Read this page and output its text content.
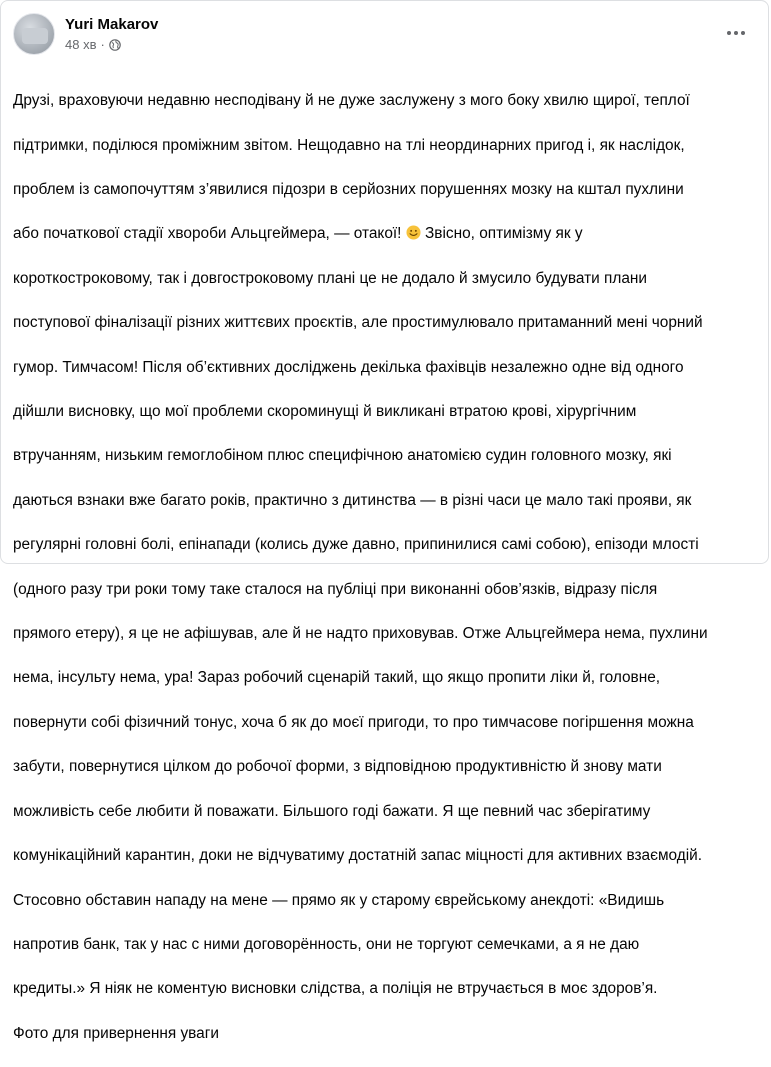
Yuri Makarov
48 хв ·

Друзі, враховуючи недавню несподівану й не дуже заслужену з мого боку хвилю щирої, теплої

підтримки, поділюся проміжним звітом. Нещодавно на тлі неординарних пригод і, як наслідок,

проблем із самопочуттям з’явилися підозри в серйозних порушеннях мозку на кштал пухлини

або початкової стадії хвороби Альцгеймера, — отакої! Звісно, оптимізму як у

короткостроковому, так і довгостроковому плані це не додало й змусило будувати плани

поступової фіналізації різних життєвих проєктів, але простимулювало притаманний мені чорний

гумор. Тимчасом! Після об’єктивних досліджень декілька фахівців незалежно одне від одного

дійшли висновку, що мої проблеми скороминущі й викликані втратою крові, хірургічним

втручанням, низьким гемоглобіном плюс специфічною анатомією судин головного мозку, які

даються взнаки вже багато років, практично з дитинства — в різні часи це мало такі прояви, як

регулярні головні болі, епінапади (колись дуже давно, припинилися самі собою), епізоди млості

(одного разу три роки тому таке сталося на публіці при виконанні обов’язків, відразу після

прямого етеру), я це не афішував, але й не надто приховував. Отже Альцгеймера нема, пухлини

нема, інсульту нема, ура! Зараз робочий сценарій такий, що якщо пропити ліки й, головне,

повернути собі фізичний тонус, хоча б як до моєї пригоди, то про тимчасове погіршення можна

забути, повернутися цілком до робочої форми, з відповідною продуктивністю й знову мати

можливість себе любити й поважати. Більшого годі бажати. Я ще певний час зберігатиму

комунікаційний карантин, доки не відчуватиму достатній запас міцності для активних взаємодій.

Стосовно обставин нападу на мене — прямо як у старому єврейському анекдоті: «Видишь

напротив банк, так у нас с ними договорённость, они не торгуют семечками, а я не даю

кредиты.» Я ніяк не коментую висновки слідства, а поліція не втручається в моє здоров’я.

Фото для привернення уваги
